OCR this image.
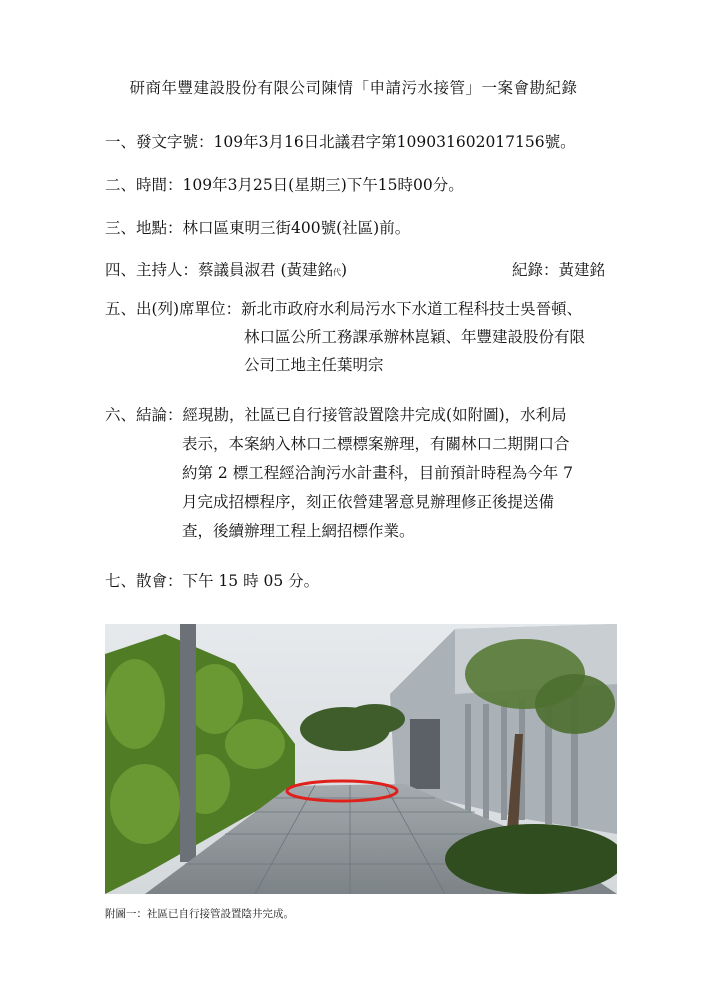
研商年豐建設股份有限公司陳情「申請污水接管」一案會勘紀錄
一、發文字號：109年3月16日北議君字第109031602017156號。
二、時間：109年3月25日(星期三)下午15時00分。
三、地點：林口區東明三街400號(社區)前。
四、主持人：蔡議員淑君 (黃建銘代)	紀錄：黃建銘
五、出(列)席單位：新北市政府水利局污水下水道工程科技士吳晉頓、
林口區公所工務課承辦林崑穎、年豐建設股份有限
公司工地主任葉明宗
六、結論：經現勘，社區已自行接管設置陰井完成(如附圖)，水利局
表示，本案納入林口二標標案辦理，有關林口二期開口合
約第 2 標工程經洽詢污水計畫科，目前預計時程為今年 7
月完成招標程序，刻正依營建署意見辦理修正後提送備
查，後續辦理工程上網招標作業。
七、散會：下午 15 時 05 分。
附圖一：社區已自行接管設置陰井完成。
